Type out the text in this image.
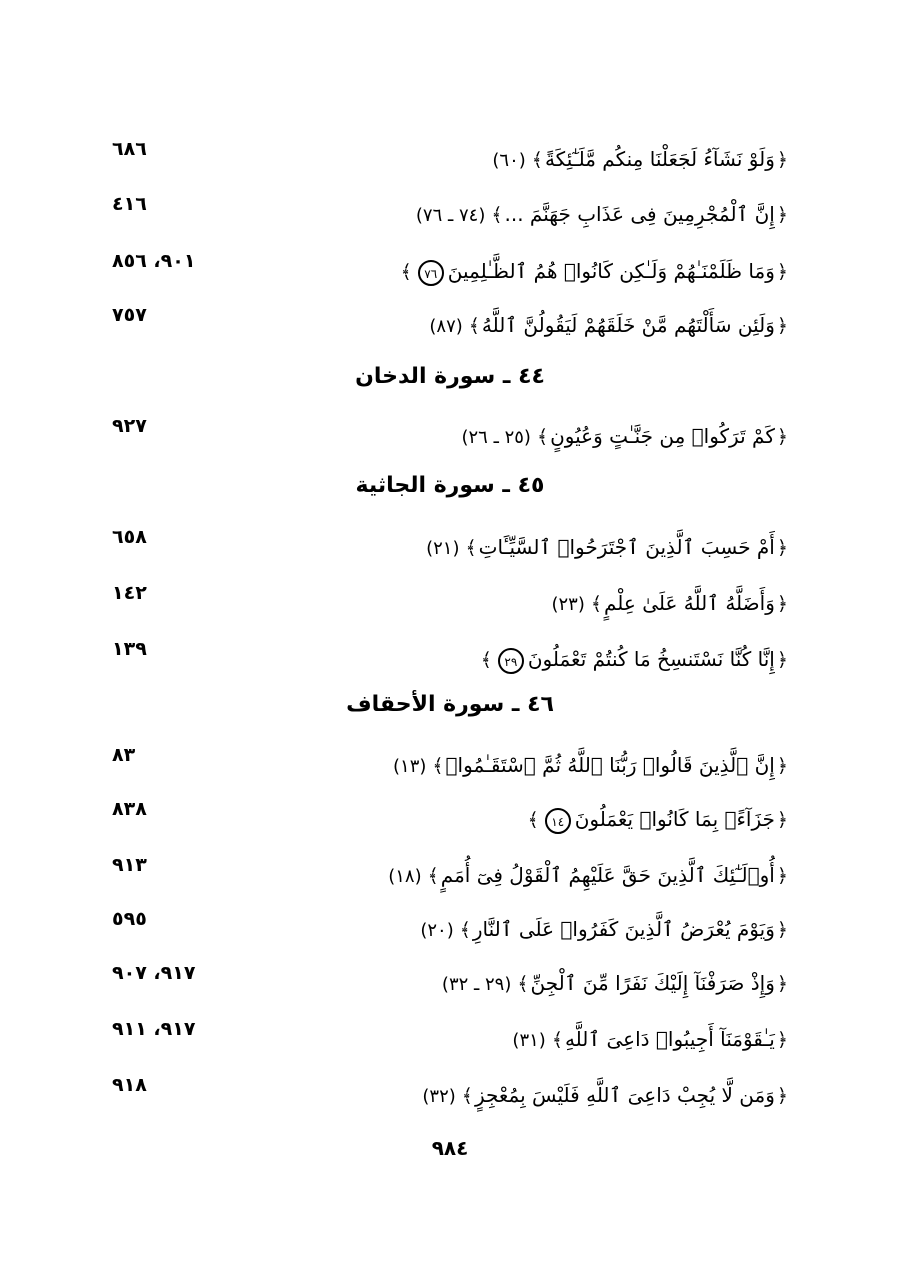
﴿وَلَوْ نَشَآءُ لَجَعَلْنَا مِنكُم مَّلَـٰٓئِكَةً﴾(٦٠)
٦٨٦
﴿إِنَّ ٱلْمُجْرِمِينَ فِى عَذَابِ جَهَنَّمَ ...﴾(٧٤ ـ ٧٦)
٤١٦
﴿وَمَا ظَلَمْنَـٰهُمْ وَلَـٰكِن كَانُوا۟ هُمُ ٱلظَّـٰلِمِينَ٧٦﴾
٩٠١، ٨٥٦
﴿وَلَئِن سَأَلْتَهُم مَّنْ خَلَقَهُمْ لَيَقُولُنَّ ٱللَّهُ﴾(٨٧)
٧٥٧
٤٤ ـ سورة الدخان
﴿كَمْ تَرَكُوا۟ مِن جَنَّـٰتٍ وَعُيُونٍ﴾(٢٥ ـ ٢٦)
٩٢٧
٤٥ ـ سورة الجاثية
﴿أَمْ حَسِبَ ٱلَّذِينَ ٱجْتَرَحُوا۟ ٱلسَّيِّـَٔاتِ﴾(٢١)
٦٥٨
﴿وَأَضَلَّهُ ٱللَّهُ عَلَىٰ عِلْمٍ﴾(٢٣)
١٤٢
﴿إِنَّا كُنَّا نَسْتَنسِخُ مَا كُنتُمْ تَعْمَلُونَ٢٩﴾
١٣٩
٤٦ ـ سورة الأحقاف
﴿إِنَّ ٱلَّذِينَ قَالُوا۟ رَبُّنَا ٱللَّهُ ثُمَّ ٱسْتَقَـٰمُوا۟﴾(١٣)
٨٣
﴿جَزَآءًۢ بِمَا كَانُوا۟ يَعْمَلُونَ١٤﴾
٨٣٨
﴿أُو۟لَـٰٓئِكَ ٱلَّذِينَ حَقَّ عَلَيْهِمُ ٱلْقَوْلُ فِىٓ أُمَمٍ﴾(١٨)
٩١٣
﴿وَيَوْمَ يُعْرَضُ ٱلَّذِينَ كَفَرُوا۟ عَلَى ٱلنَّارِ﴾(٢٠)
٥٩٥
﴿وَإِذْ صَرَفْنَآ إِلَيْكَ نَفَرًا مِّنَ ٱلْجِنِّ﴾(٢٩ ـ ٣٢)
٩١٧، ٩٠٧
﴿يَـٰقَوْمَنَآ أَجِيبُوا۟ دَاعِىَ ٱللَّهِ﴾(٣١)
٩١٧، ٩١١
﴿وَمَن لَّا يُجِبْ دَاعِىَ ٱللَّهِ فَلَيْسَ بِمُعْجِزٍ﴾(٣٢)
٩١٨
٩٨٤
